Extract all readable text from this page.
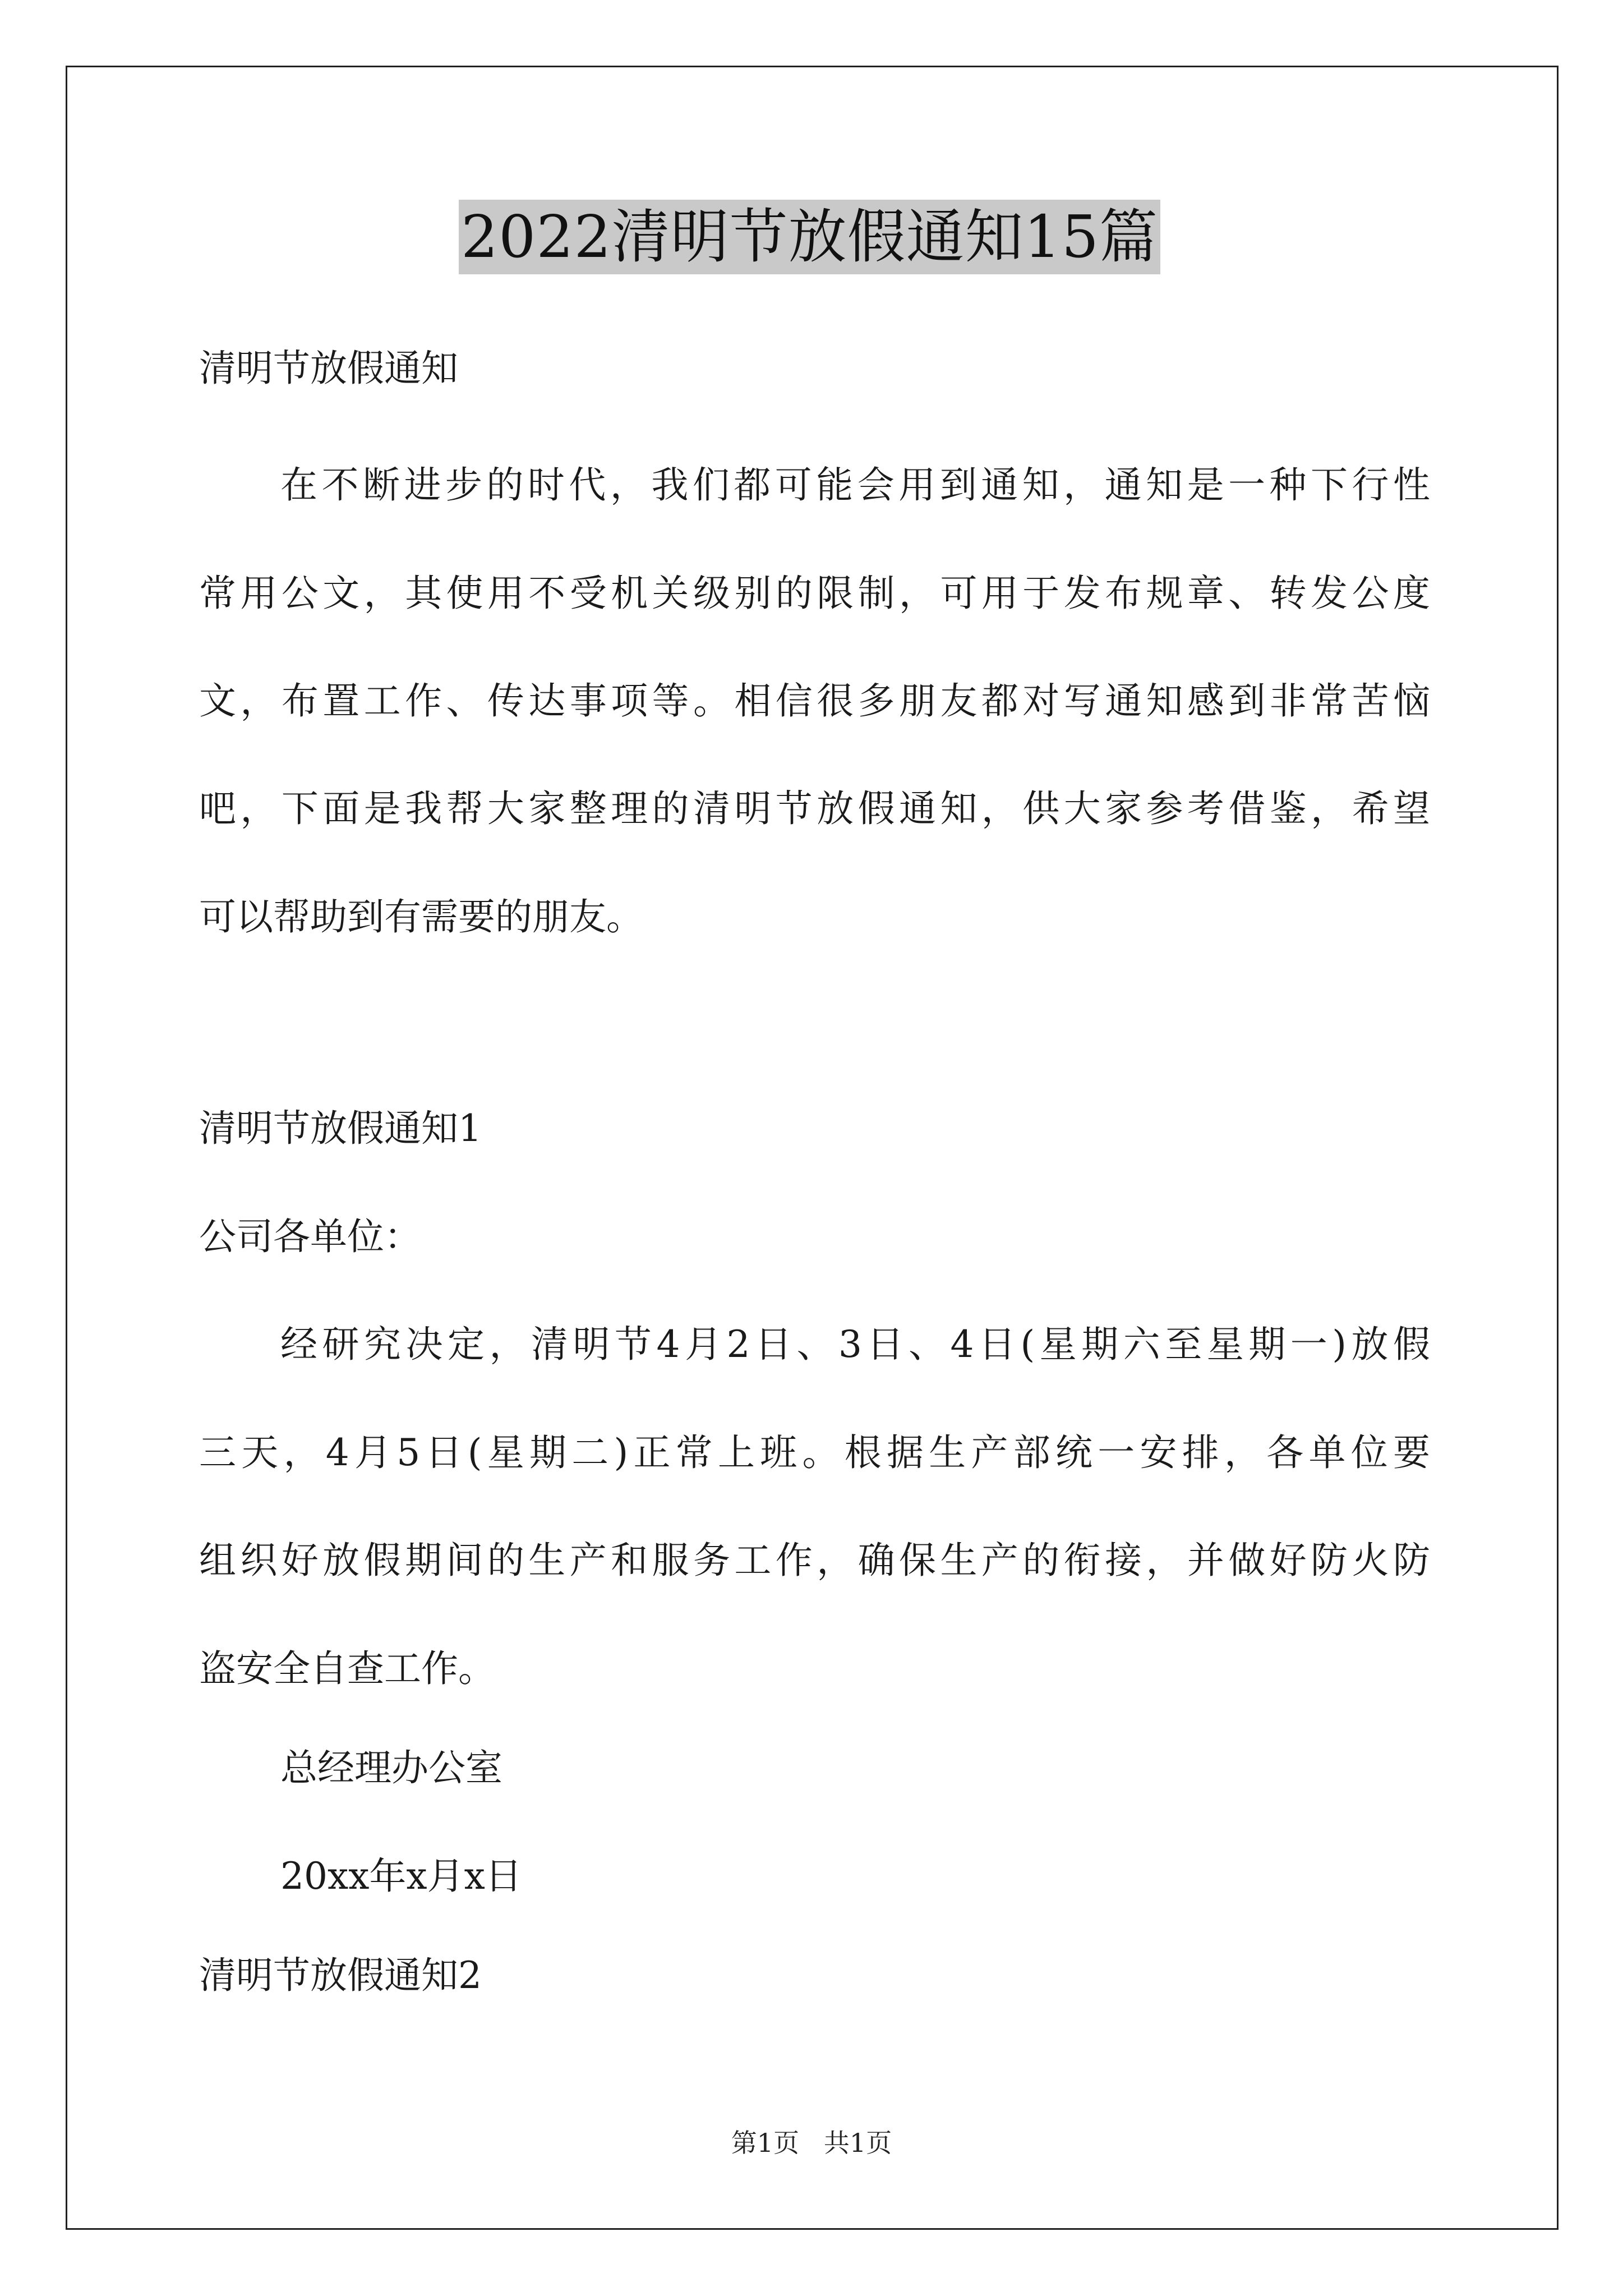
2022清明节放假通知15篇
清明节放假通知
在不断进步的时代，我们都可能会用到通知，通知是一种下行性
常用公文，其使用不受机关级别的限制，可用于发布规章、转发公度
文，布置工作、传达事项等。相信很多朋友都对写通知感到非常苦恼
吧，下面是我帮大家整理的清明节放假通知，供大家参考借鉴，希望
可以帮助到有需要的朋友。
清明节放假通知1
公司各单位：
经研究决定，清明节4月2日、3日、4日(星期六至星期一)放假
三天，4月5日(星期二)正常上班。根据生产部统一安排，各单位要
组织好放假期间的生产和服务工作，确保生产的衔接，并做好防火防
盗安全自查工作。
总经理办公室
20xx年x月x日
清明节放假通知2
第1页   共1页
